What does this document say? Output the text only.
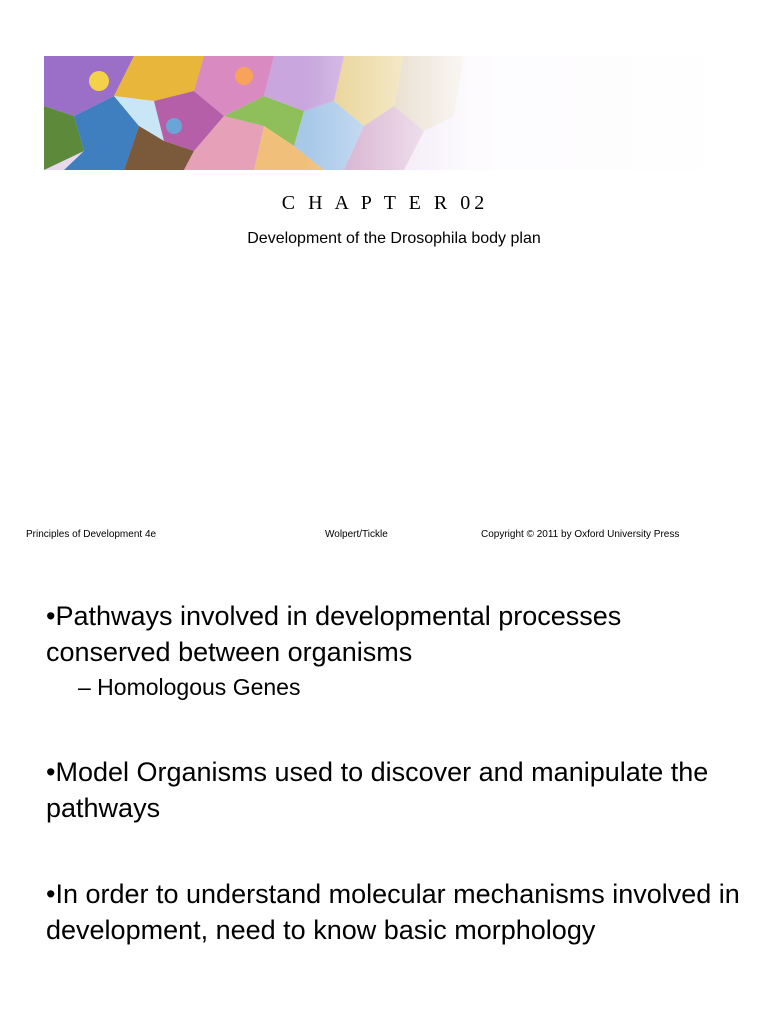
C H A P T E R 02
Development of the Drosophila body plan
Principles of Development 4e	Wolpert/Tickle	Copyright © 2011 by Oxford University Press

•Pathways involved in developmental processes conserved between organisms

– Homologous Genes

•Model Organisms used to discover and manipulate the pathways

•In order to understand molecular mechanisms involved in development, need to know basic morphology
